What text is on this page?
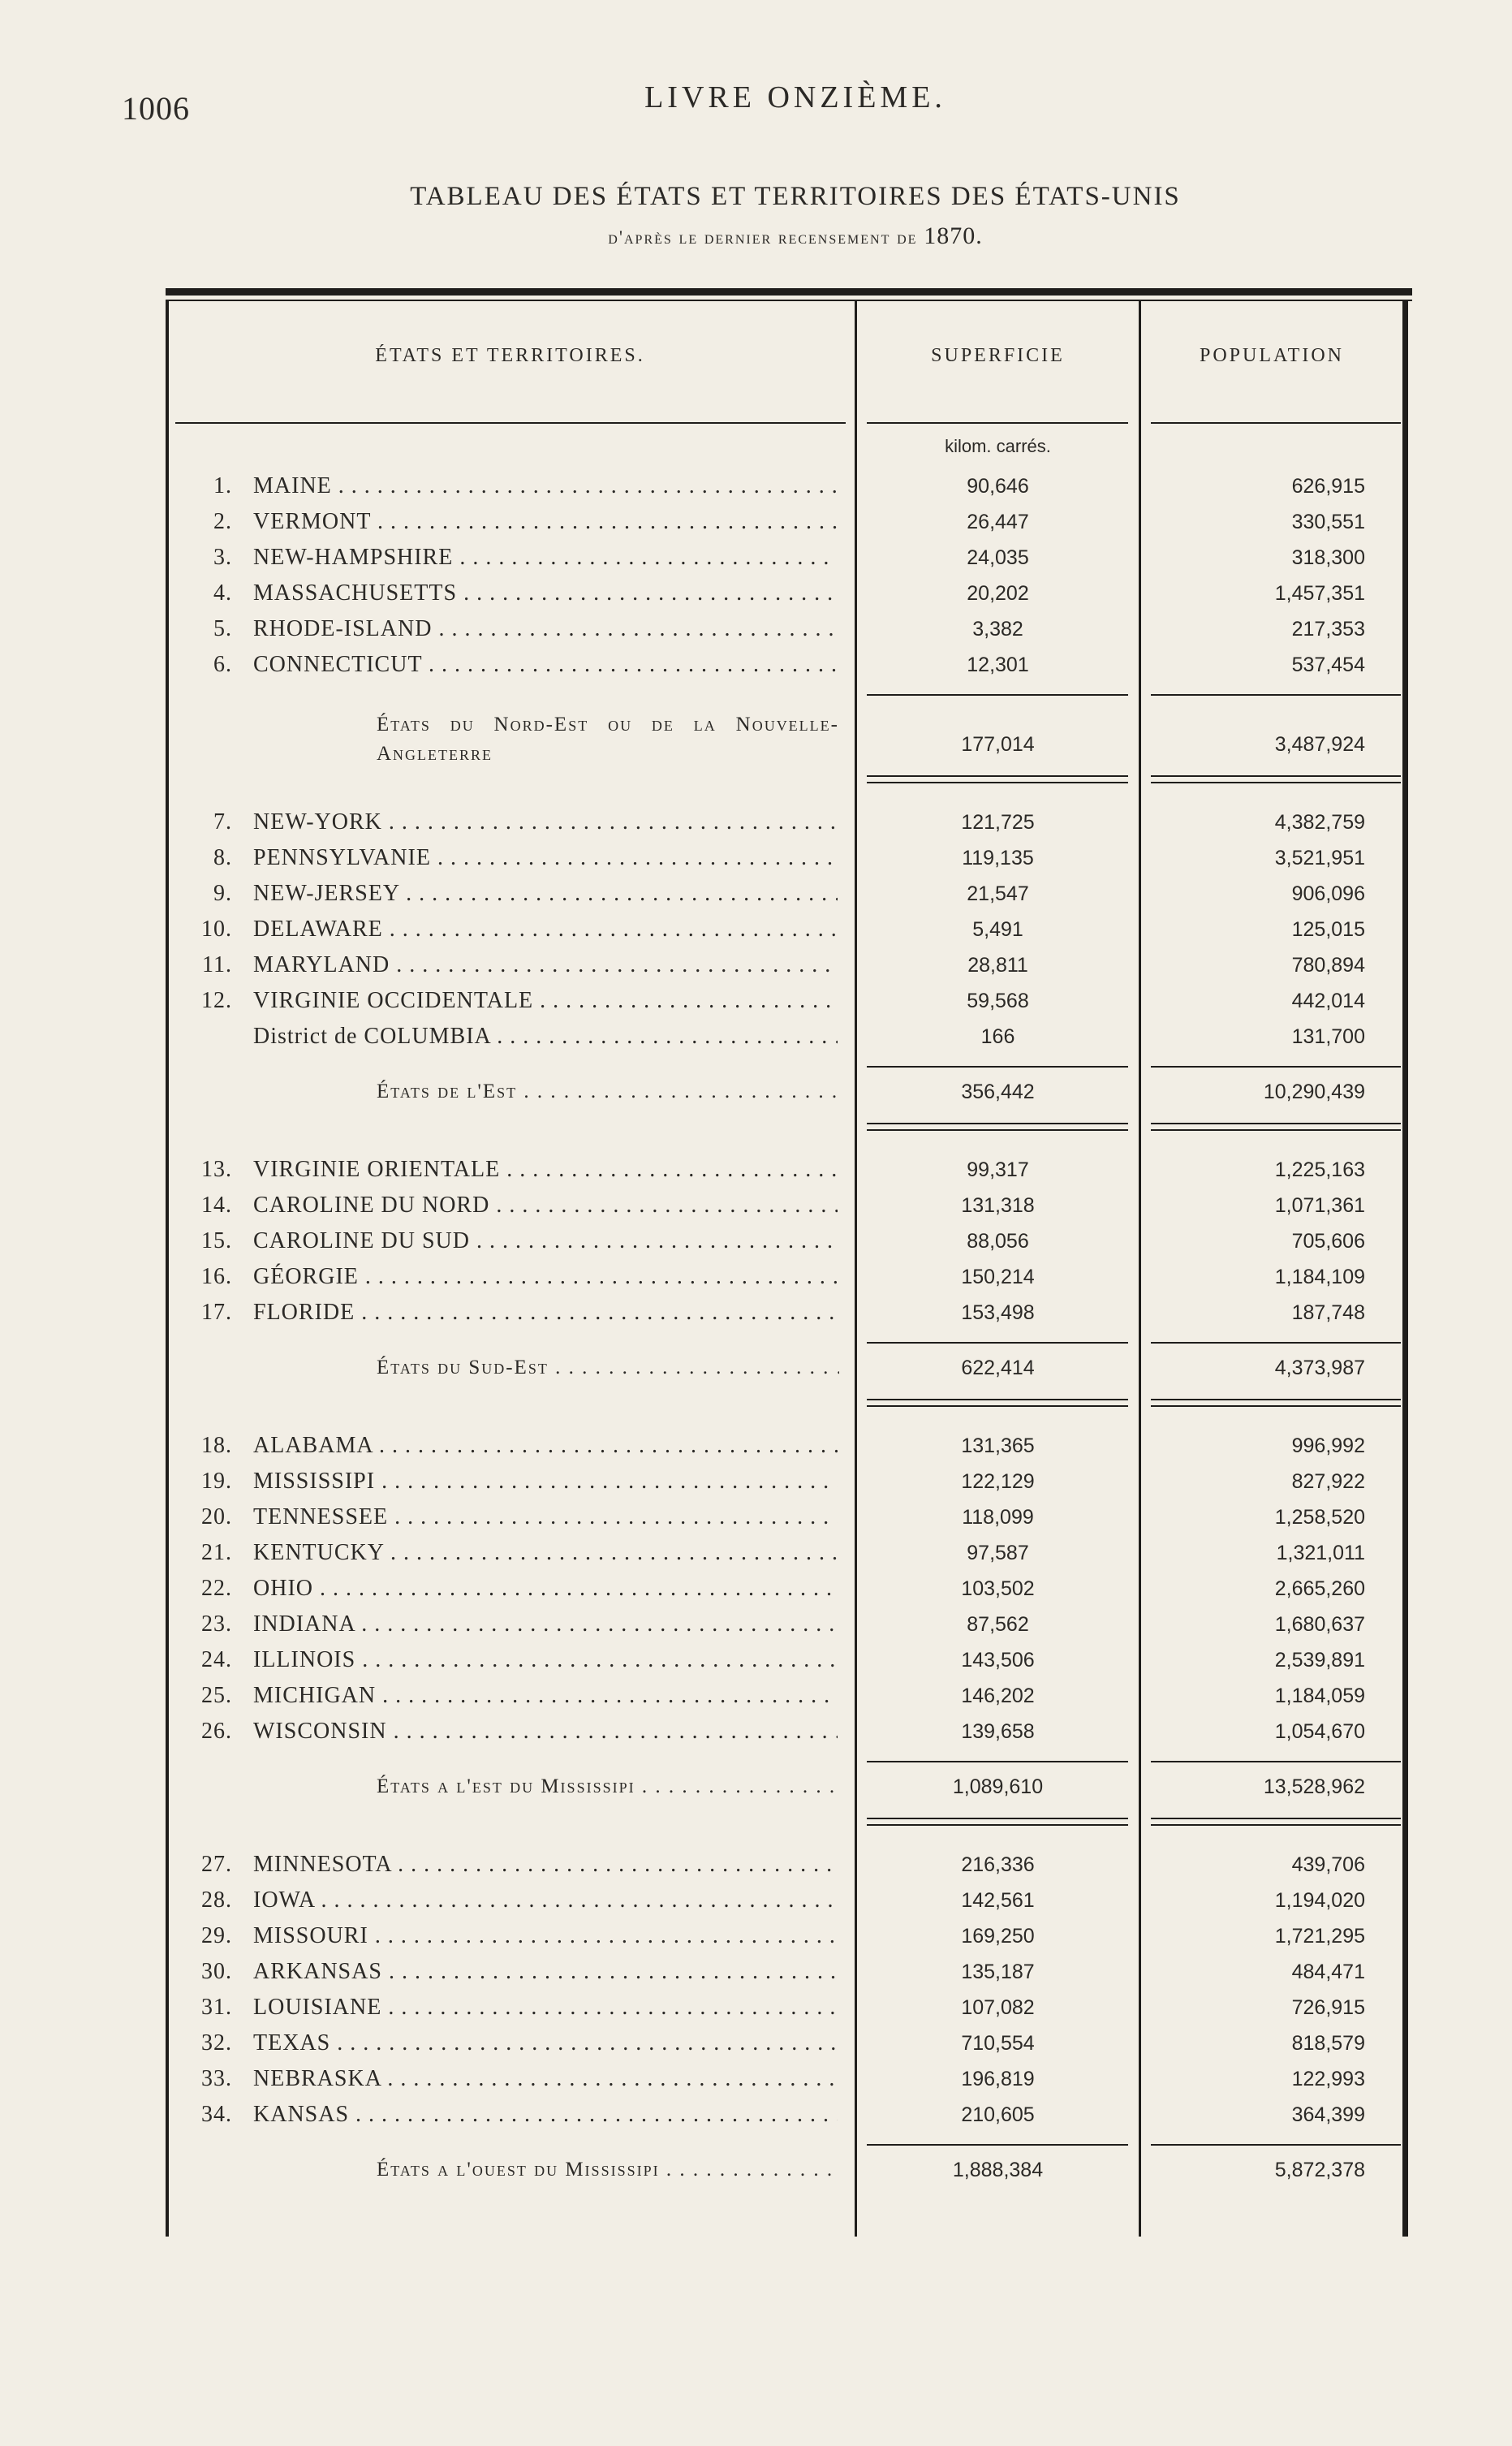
1006	LIVRE ONZIÈME.
TABLEAU DES ÉTATS ET TERRITOIRES DES ÉTATS-UNIS
d'après le dernier recensement de 1870.
ÉTATS ET TERRITOIRES.	SUPERFICIE	POPULATION
kilom. carrés.
1. MAINE . . .	90,646	626,915
2. VERMONT . . .	26,447	330,551
3. NEW-HAMPSHIRE . . .	24,035	318,300
4. MASSACHUSETTS . . .	20,202	1,457,351
5. RHODE-ISLAND . . .	3,382	217,353
6. CONNECTICUT . . .	12,301	537,454
États du Nord-Est ou de la Nouvelle-Angleterre	177,014	3,487,924
7. NEW-YORK . . .	121,725	4,382,759
8. PENNSYLVANIE . . .	119,135	3,521,951
9. NEW-JERSEY . . .	21,547	906,096
10. DELAWARE . . .	5,491	125,015
11. MARYLAND . . .	28,811	780,894
12. VIRGINIE OCCIDENTALE . . .	59,568	442,014
District de COLUMBIA . . .	166	131,700
États de l'Est . . .	356,442	10,290,439
13. VIRGINIE ORIENTALE . . .	99,317	1,225,163
14. CAROLINE DU NORD . . .	131,318	1,071,361
15. CAROLINE DU SUD . . .	88,056	705,606
16. GÉORGIE . . .	150,214	1,184,109
17. FLORIDE . . .	153,498	187,748
États du Sud-Est . . .	622,414	4,373,987
18. ALABAMA . . .	131,365	996,992
19. MISSISSIPI . . .	122,129	827,922
20. TENNESSEE . . .	118,099	1,258,520
21. KENTUCKY . . .	97,587	1,321,011
22. OHIO . . .	103,502	2,665,260
23. INDIANA . . .	87,562	1,680,637
24. ILLINOIS . . .	143,506	2,539,891
25. MICHIGAN . . .	146,202	1,184,059
26. WISCONSIN . . .	139,658	1,054,670
États a l'est du Mississipi . . .	1,089,610	13,528,962
27. MINNESOTA . . .	216,336	439,706
28. IOWA . . .	142,561	1,194,020
29. MISSOURI . . .	169,250	1,721,295
30. ARKANSAS . . .	135,187	484,471
31. LOUISIANE . . .	107,082	726,915
32. TEXAS . . .	710,554	818,579
33. NEBRASKA . . .	196,819	122,993
34. KANSAS . . .	210,605	364,399
États a l'ouest du Mississipi . . .	1,888,384	5,872,378
